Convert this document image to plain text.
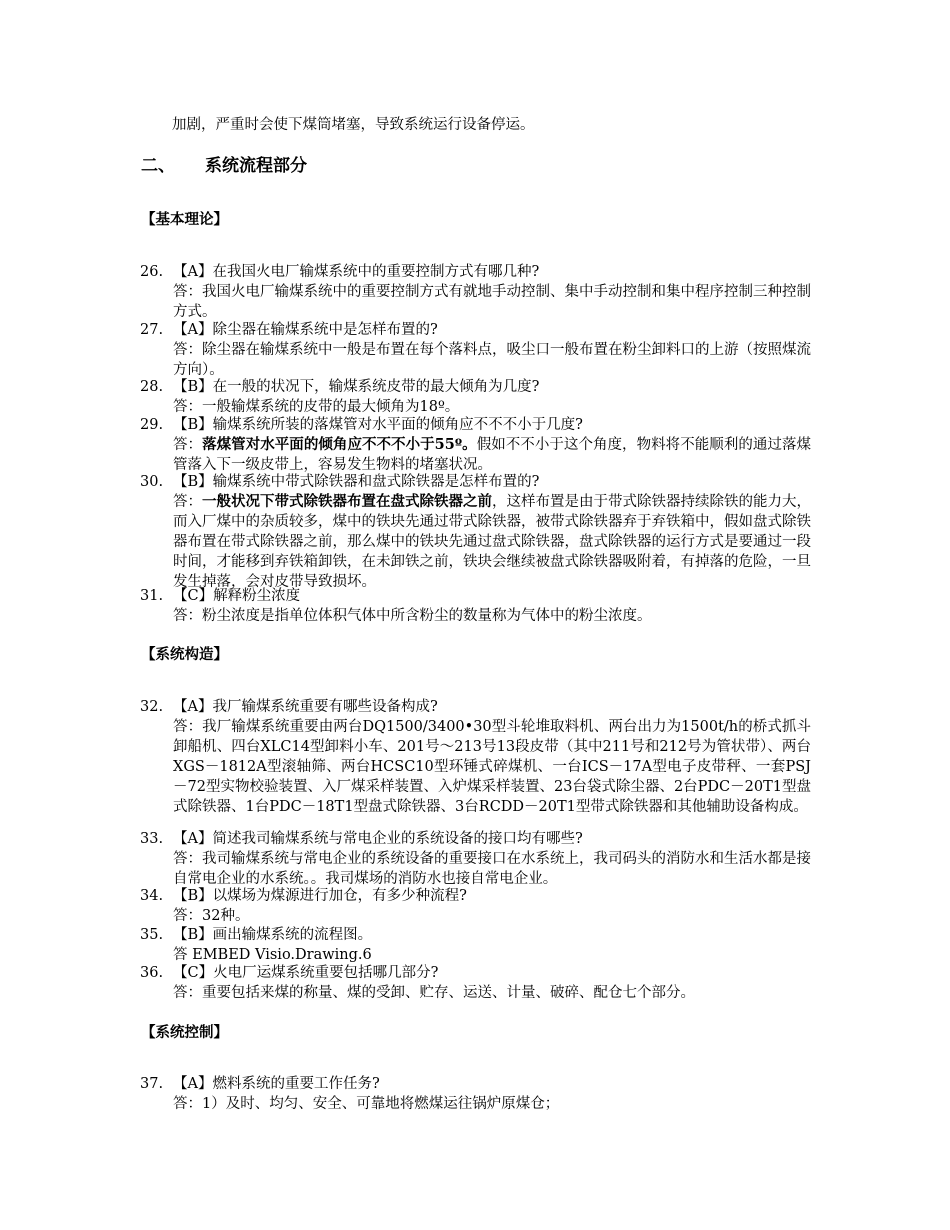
加剧，严重时会使下煤筒堵塞，导致系统运行设备停运。
二、 系统流程部分
【基本理论】
26. 【A】在我国火电厂输煤系统中的重要控制方式有哪几种?
答：我国火电厂输煤系统中的重要控制方式有就地手动控制、集中手动控制和集中程序控制三种控制方式。
27. 【A】除尘器在输煤系统中是怎样布置的?
答：除尘器在输煤系统中一般是布置在每个落料点，吸尘口一般布置在粉尘卸料口的上游（按照煤流方向）。
28. 【B】在一般的状况下，输煤系统皮带的最大倾角为几度?
答：一般输煤系统的皮带的最大倾角为18º。
29. 【B】输煤系统所装的落煤管对水平面的倾角应不不不小于几度?
答：落煤管对水平面的倾角应不不不小于55º。假如不不小于这个角度，物料将不能顺利的通过落煤管落入下一级皮带上，容易发生物料的堵塞状况。
30. 【B】输煤系统中带式除铁器和盘式除铁器是怎样布置的?
答：一般状况下带式除铁器布置在盘式除铁器之前，这样布置是由于带式除铁器持续除铁的能力大，而入厂煤中的杂质较多，煤中的铁块先通过带式除铁器，被带式除铁器弃于弃铁箱中，假如盘式除铁器布置在带式除铁器之前，那么煤中的铁块先通过盘式除铁器，盘式除铁器的运行方式是要通过一段时间，才能移到弃铁箱卸铁，在未卸铁之前，铁块会继续被盘式除铁器吸附着，有掉落的危险，一旦发生掉落，会对皮带导致损坏。
31. 【C】解释粉尘浓度
答：粉尘浓度是指单位体积气体中所含粉尘的数量称为气体中的粉尘浓度。
【系统构造】
32. 【A】我厂输煤系统重要有哪些设备构成?
答：我厂输煤系统重要由两台DQ1500/3400•30型斗轮堆取料机、两台出力为1500t/h的桥式抓斗卸船机、四台XLC14型卸料小车、201号～213号13段皮带（其中211号和212号为管状带）、两台XGS－1812A型滚轴筛、两台HCSC10型环锤式碎煤机、一台ICS－17A型电子皮带秤、一套PSJ－72型实物校验装置、入厂煤采样装置、入炉煤采样装置、23台袋式除尘器、2台PDC－20T1型盘式除铁器、1台PDC－18T1型盘式除铁器、3台RCDD－20T1型带式除铁器和其他辅助设备构成。
33. 【A】简述我司输煤系统与常电企业的系统设备的接口均有哪些?
答：我司输煤系统与常电企业的系统设备的重要接口在水系统上，我司码头的消防水和生活水都是接自常电企业的水系统。。我司煤场的消防水也接自常电企业。
34. 【B】以煤场为煤源进行加仓，有多少种流程?
答：32种。
35. 【B】画出输煤系统的流程图。
答 EMBED Visio.Drawing.6
36. 【C】火电厂运煤系统重要包括哪几部分?
答：重要包括来煤的称量、煤的受卸、贮存、运送、计量、破碎、配仓七个部分。
【系统控制】
37. 【A】燃料系统的重要工作任务?
答：1）及时、均匀、安全、可靠地将燃煤运往锅炉原煤仓；
